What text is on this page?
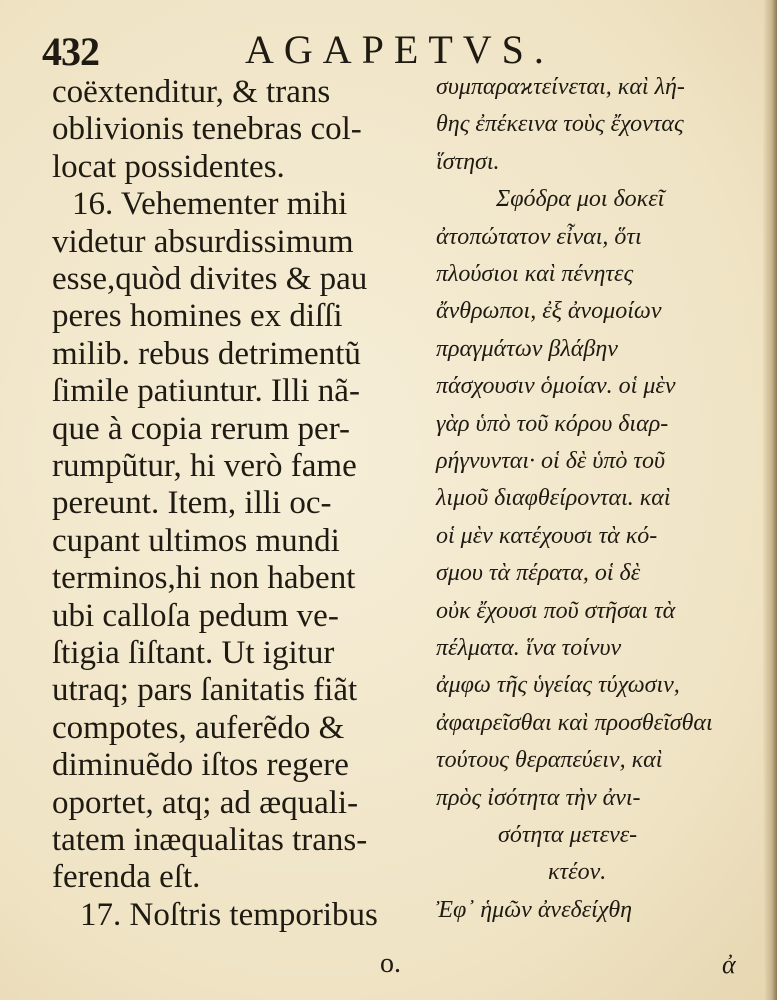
432	AGAPETVS.
coëxtenditur, & trans
oblivionis tenebras col-
locat possidentes.
16. Vehementer mihi
videtur absurdissimum
esse,quòd divites & pau
peres homines ex diſſi
milib. rebus detrimentũ
ſimile patiuntur. Illi nã-
que à copia rerum per-
rumpũtur, hi verò fame
pereunt. Item, illi oc-
cupant ultimos mundi
terminos,hi non habent
ubi calloſa pedum ve-
ſtigia ſiſtant. Ut igitur
utraq; pars ſanitatis fiãt
compotes, auferẽdo &
diminuẽdo iſtos regere
oportet, atq; ad æquali-
tatem inæqualitas trans-
ferenda eſt.
17. Noſtris temporibus
συμπαραϰτείνεται, καὶ λή-
θης ἐπέκεινα τοὺς ἔχοντας
ἵστησι.
Σφόδρα μοι δοκεῖ
ἀτοπώτατον εἶναι, ὅτι
πλούσιοι καὶ πένητες
ἄνθρωποι, ἐξ ἀνομοίων
πραγμάτων βλάβην
πάσχουσιν ὁμοίαν. οἱ μὲν
γὰρ ὑπὸ τοῦ κόρου διαρ-
ρήγνυνται· οἱ δὲ ὑπὸ τοῦ
λιμοῦ διαφθείρονται. καὶ
οἱ μὲν κατέχουσι τὰ κό-
σμου τὰ πέρατα, οἱ δὲ
οὐκ ἔχουσι ποῦ στῆσαι τὰ
πέλματα. ἵνα τοίνυν
ἀμφω τῆς ὑγείας τύχωσιν,
ἀφαιρεῖσθαι καὶ προσθεῖσθαι
τούτους θεραπεύειν, καὶ
πρὸς ἰσότητα τὴν ἀνι-
σότητα μετενε-
κτέον.
Ἐφ᾽ ἡμῶν ἀνεδείχθη
o.	ἀ
